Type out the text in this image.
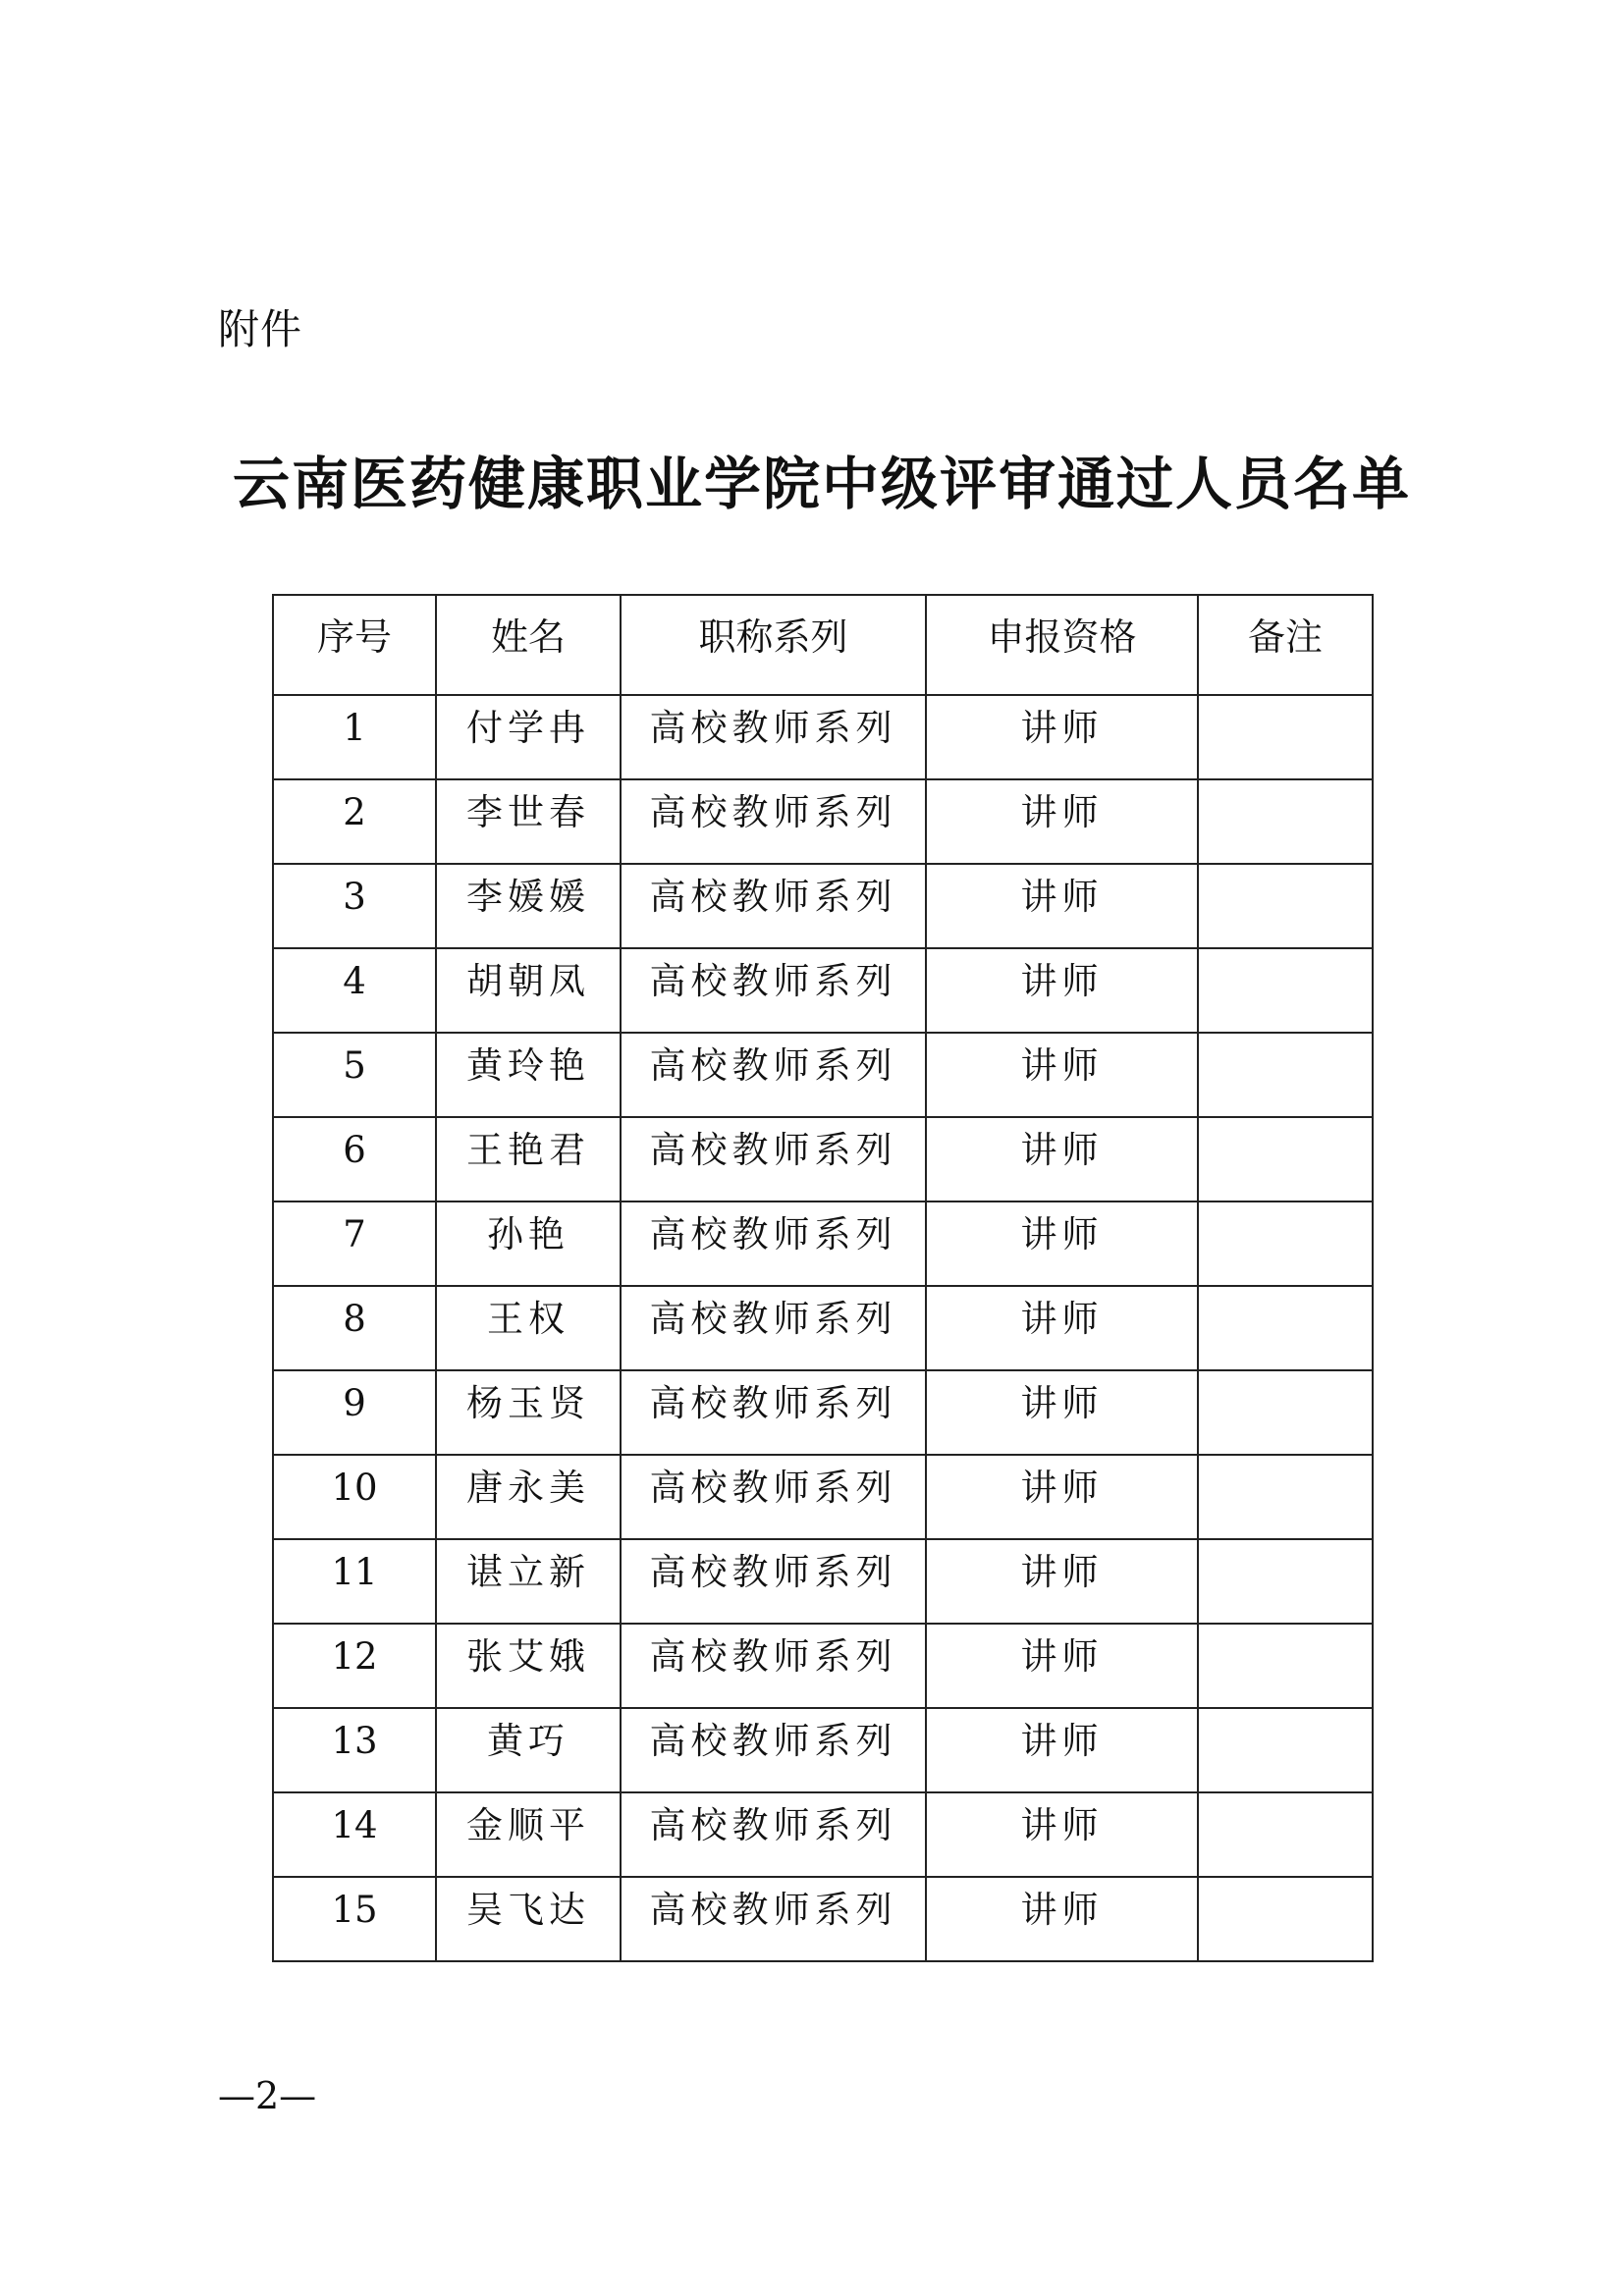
附件
云南医药健康职业学院中级评审通过人员名单
序号	姓名	职称系列	申报资格	备注
1	付学冉	高校教师系列	讲师	
2	李世春	高校教师系列	讲师	
3	李媛媛	高校教师系列	讲师	
4	胡朝凤	高校教师系列	讲师	
5	黄玲艳	高校教师系列	讲师	
6	王艳君	高校教师系列	讲师	
7	孙艳	高校教师系列	讲师	
8	王权	高校教师系列	讲师	
9	杨玉贤	高校教师系列	讲师	
10	唐永美	高校教师系列	讲师	
11	谌立新	高校教师系列	讲师	
12	张艾娥	高校教师系列	讲师	
13	黄巧	高校教师系列	讲师	
14	金顺平	高校教师系列	讲师	
15	吴飞达	高校教师系列	讲师	
—2—
